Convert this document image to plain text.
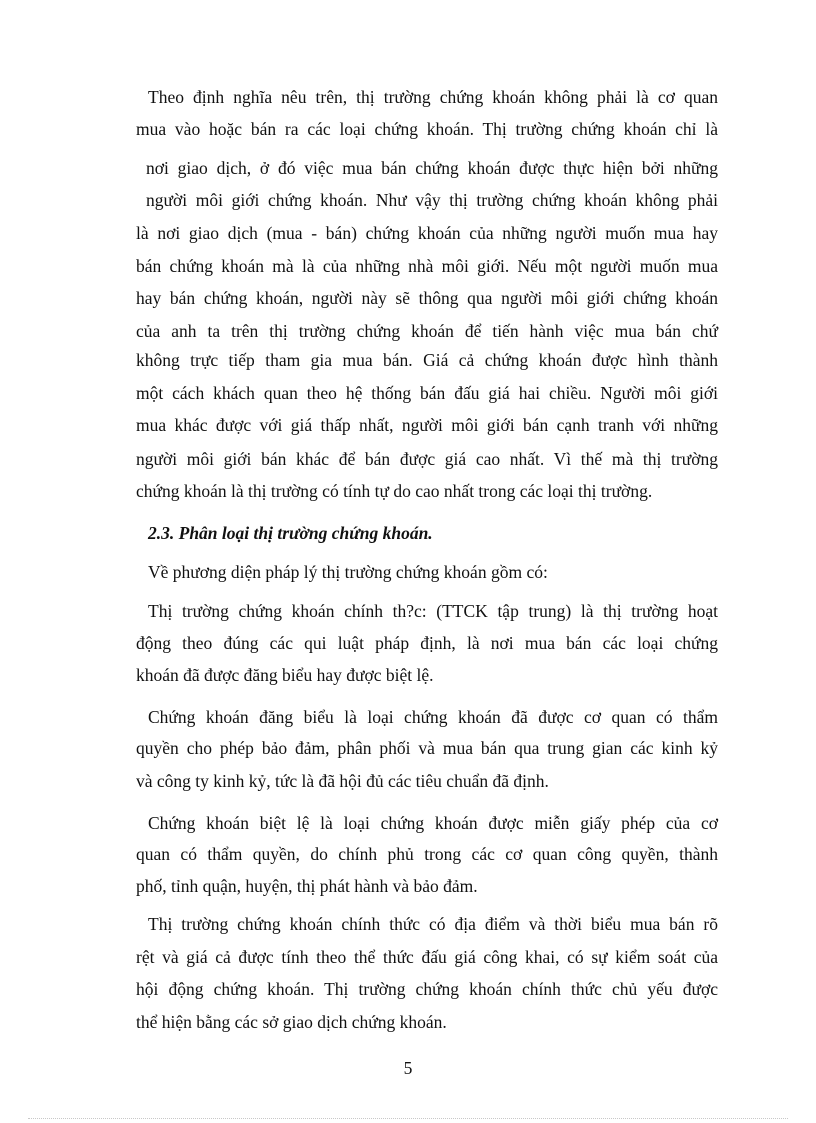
Theo định nghĩa nêu trên, thị trường chứng khoán không phải là cơ quan
mua vào hoặc bán ra các loại chứng khoán. Thị trường chứng khoán chỉ là
nơi giao dịch, ở đó việc mua bán chứng khoán được thực hiện bởi những
người môi giới chứng khoán. Như vậy thị trường chứng khoán không phải
là nơi giao dịch (mua - bán) chứng khoán của những người muốn mua hay
bán chứng khoán mà là của những nhà môi giới. Nếu một người muốn mua
hay bán chứng khoán, người này sẽ thông qua người môi giới chứng khoán
của anh ta trên thị trường chứng khoán để tiến hành việc mua bán chứ
không trực tiếp tham gia mua bán. Giá cả chứng khoán được hình thành
một cách khách quan theo hệ thống bán đấu giá hai chiều. Người môi giới
mua khác được với giá thấp nhất, người môi giới bán cạnh tranh với những
người môi giới bán khác để bán được giá cao nhất. Vì thế mà thị trường
chứng khoán là thị trường có tính tự do cao nhất trong các loại thị trường.
2.3. Phân loại thị trường chứng khoán.
Về phương diện pháp lý thị trường chứng khoán gồm có:
Thị trường chứng khoán chính th?c: (TTCK tập trung) là thị trường hoạt
động theo đúng các qui luật pháp định, là nơi mua bán các loại chứng
khoán đã được đăng biểu hay được biệt lệ.
Chứng khoán đăng biểu là loại chứng khoán đã được cơ quan có thẩm
quyền cho phép bảo đảm, phân phối và mua bán qua trung gian các kinh kỷ
và công ty kinh kỷ, tức là đã hội đủ các tiêu chuẩn đã định.
Chứng khoán biệt lệ là loại chứng khoán được miễn giấy phép của cơ
quan có thẩm quyền, do chính phủ trong các cơ quan công quyền, thành
phố, tỉnh quận, huyện, thị phát hành và bảo đảm.
Thị trường chứng khoán chính thức có địa điểm và thời biểu mua bán rõ
rệt và giá cả được tính theo thể thức đấu giá công khai, có sự kiểm soát của
hội động chứng khoán. Thị trường chứng khoán chính thức chủ yếu được
thể hiện bằng các sở giao dịch chứng khoán.
5
